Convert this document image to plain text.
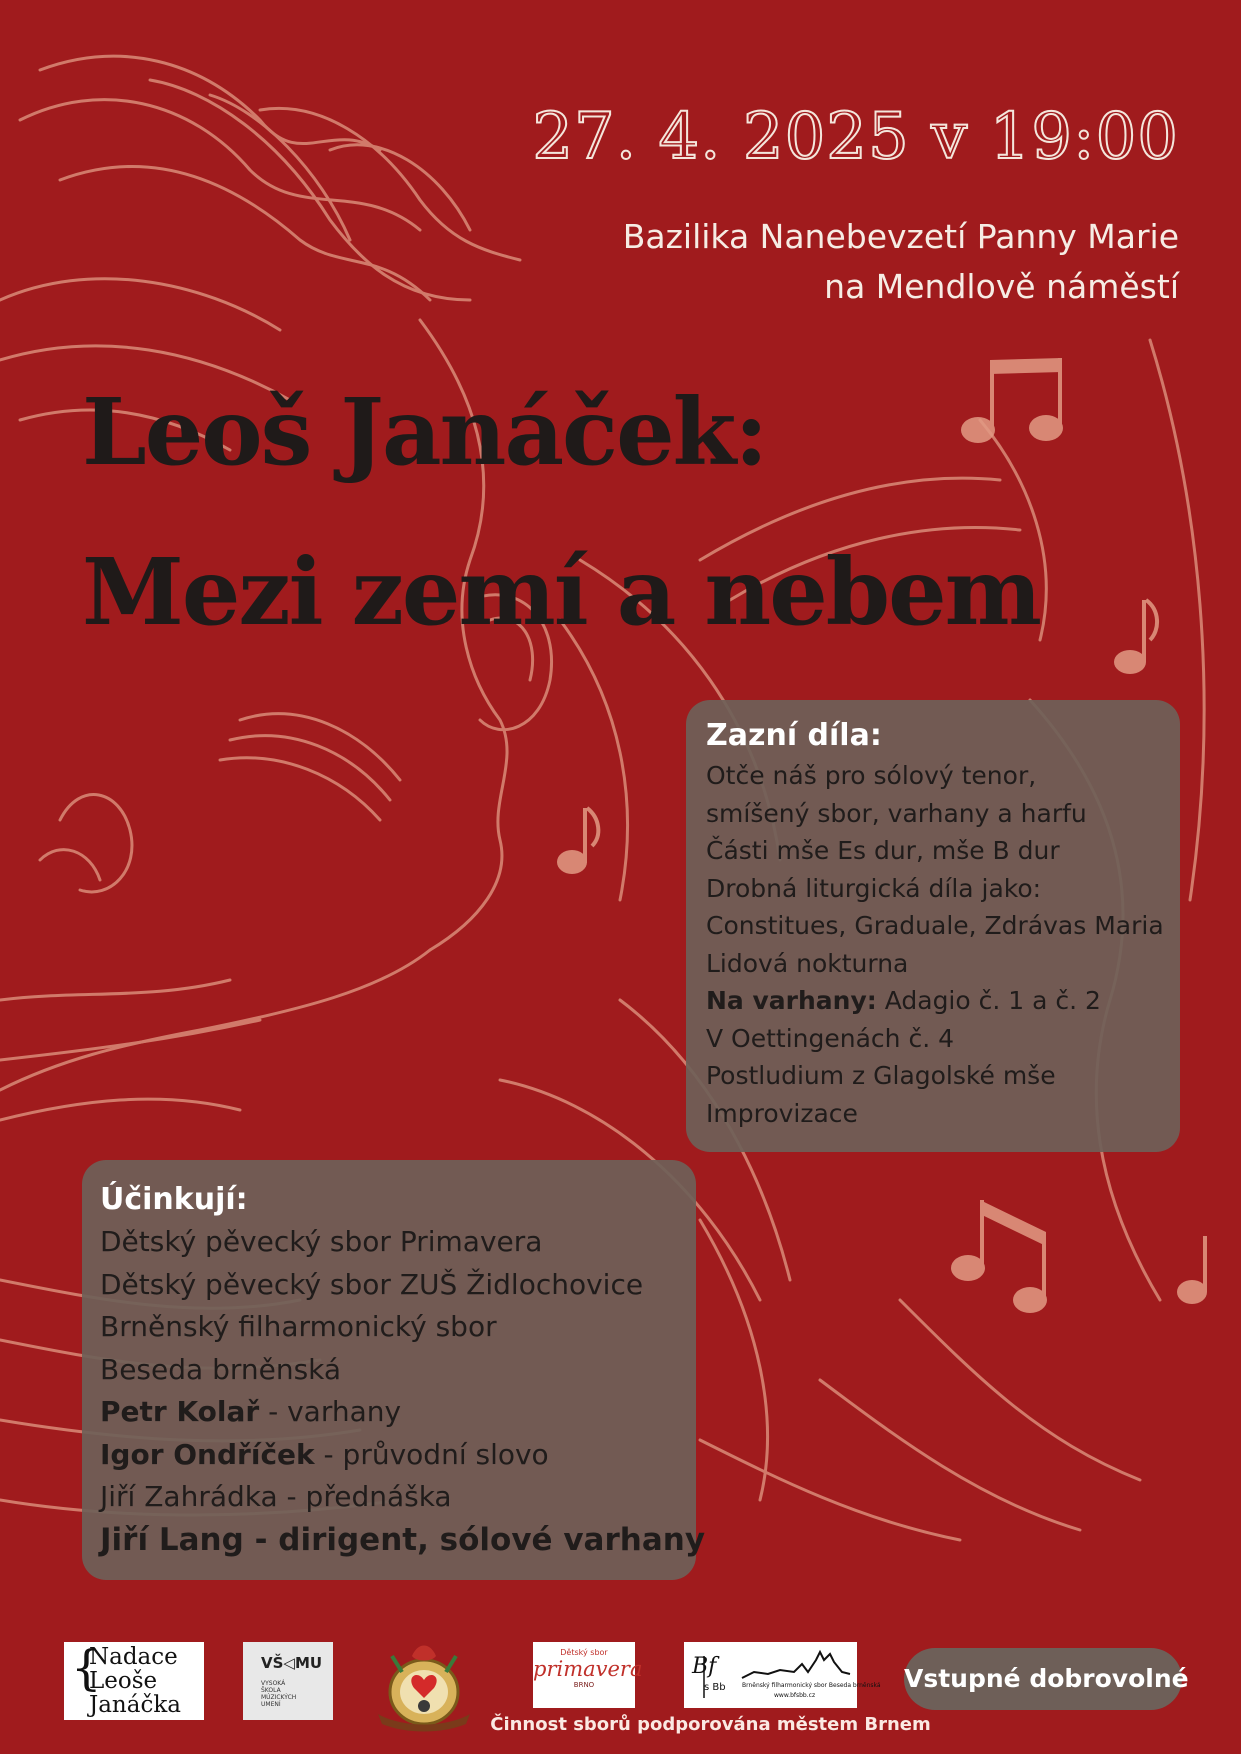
27. 4. 2025 v 19:00
Bazilika Nanebevzetí Panny Marie
na Mendlově náměstí
Leoš Janáček:
Mezi zemí a nebem
Zazní díla:
Otče náš pro sólový tenor,
smíšený sbor, varhany a harfu
Části mše Es dur, mše B dur
Drobná liturgická díla jako:
Constitues, Graduale, Zdrávas Maria
Lidová nokturna
Na varhany: Adagio č. 1 a č. 2
V Oettingenách č. 4
Postludium z Glagolské mše
Improvizace
Účinkují:
Dětský pěvecký sbor Primavera
Dětský pěvecký sbor ZUŠ Židlochovice
Brněnský filharmonický sbor
Beseda brněnská
Petr Kolař - varhany
Igor Ondříček - průvodní slovo
Jiří Zahrádka - přednáška
Jiří Lang - dirigent, sólové varhany
{
Nadace
Leoše
Janáčka
VŠ◁MU
VYSOKÁ
ŠKOLA
MÚZICKÝCH
UMENÍ
Dětský sbor
primavera
BRNO
Bf
s Bb	Brněnský filharmonický sbor Beseda brněnská
www.bfsbb.cz
Vstupné dobrovolné
Činnost sborů podporována městem Brnem
